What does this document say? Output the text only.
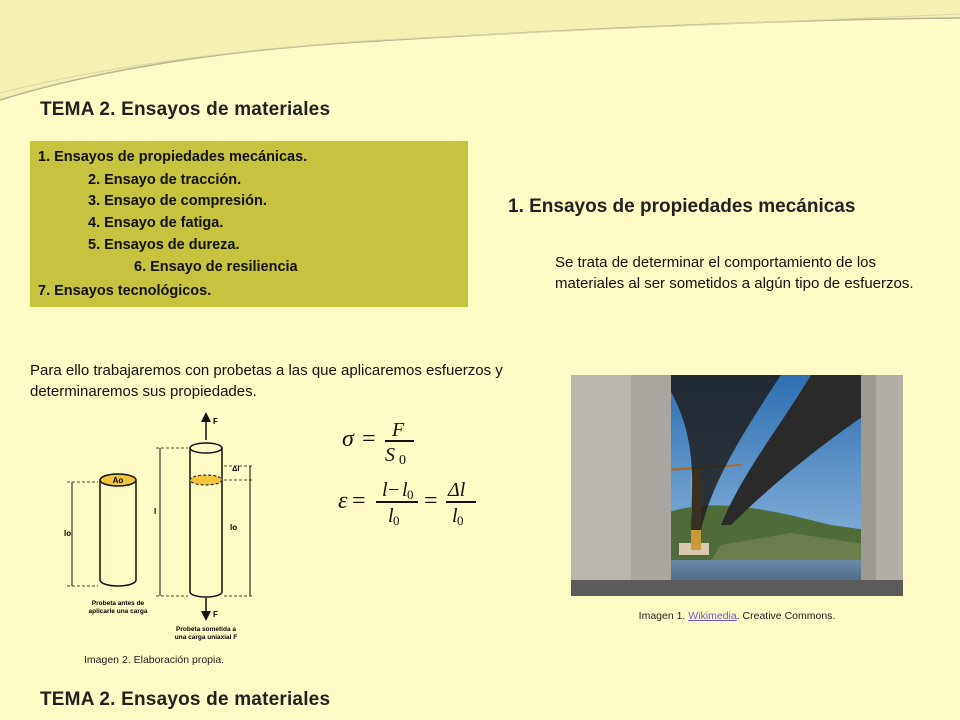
TEMA 2. Ensayos de materiales
1. Ensayos de propiedades mecánicas.
2. Ensayo de tracción.
3. Ensayo de compresión.
4. Ensayo de fatiga.
5. Ensayos de dureza.
6. Ensayo de resiliencia
7. Ensayos tecnológicos.
1. Ensayos de propiedades mecánicas
Se trata de determinar el comportamiento de los materiales al ser sometidos a algún tipo de esfuerzos.
Para ello trabajaremos con probetas a las que aplicaremos esfuerzos y determinaremos sus propiedades.
Imagen 1. Wikimedia. Creative Commons.
Ao
lo
Probeta antes de
aplicarle una carga
F
F
l
Δl
lo
Probeta sometida a
una carga uniaxial F
Imagen 2. Elaboración propia.
σ = F
S 0
ε = l − l 0
l 0
= Δl
l 0
TEMA 2. Ensayos de materiales
